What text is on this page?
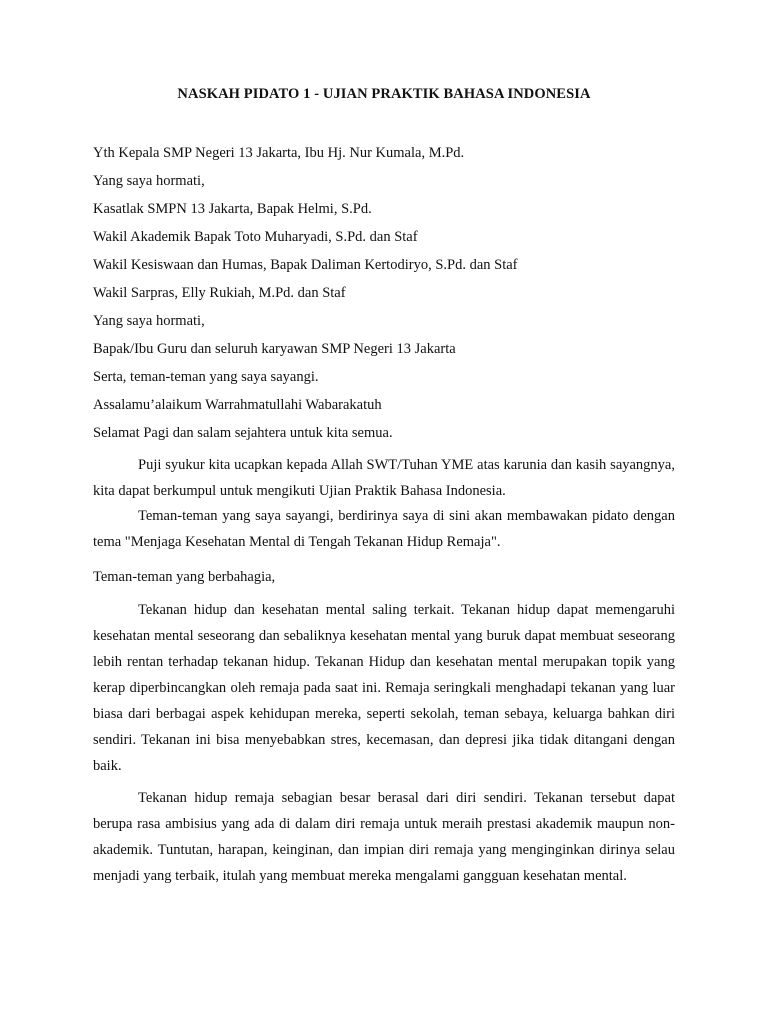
NASKAH PIDATO 1 - UJIAN PRAKTIK BAHASA INDONESIA

Yth Kepala SMP Negeri 13 Jakarta, Ibu Hj. Nur Kumala, M.Pd.

Yang saya hormati,

Kasatlak SMPN 13 Jakarta, Bapak Helmi, S.Pd.

Wakil Akademik Bapak Toto Muharyadi, S.Pd. dan Staf

Wakil Kesiswaan dan Humas, Bapak Daliman Kertodiryo, S.Pd. dan Staf

Wakil Sarpras, Elly Rukiah, M.Pd. dan Staf

Yang saya hormati,

Bapak/Ibu Guru dan seluruh karyawan SMP Negeri 13 Jakarta

Serta, teman-teman yang saya sayangi.

Assalamu’alaikum Warrahmatullahi Wabarakatuh

Selamat Pagi dan salam sejahtera untuk kita semua.

Puji syukur kita ucapkan kepada Allah SWT/Tuhan YME atas karunia dan kasih sayangnya, kita dapat berkumpul untuk mengikuti Ujian Praktik Bahasa Indonesia.

Teman-teman yang saya sayangi, berdirinya saya di sini akan membawakan pidato dengan tema "Menjaga Kesehatan Mental di Tengah Tekanan Hidup Remaja".

Teman-teman yang berbahagia,

Tekanan hidup dan kesehatan mental saling terkait. Tekanan hidup dapat memengaruhi kesehatan mental seseorang dan sebaliknya kesehatan mental yang buruk dapat membuat seseorang lebih rentan terhadap tekanan hidup. Tekanan Hidup dan kesehatan mental merupakan topik yang kerap diperbincangkan oleh remaja pada saat ini. Remaja seringkali menghadapi tekanan yang luar biasa dari berbagai aspek kehidupan mereka, seperti sekolah, teman sebaya, keluarga bahkan diri sendiri. Tekanan ini bisa menyebabkan stres, kecemasan, dan depresi jika tidak ditangani dengan baik.

Tekanan hidup remaja sebagian besar berasal dari diri sendiri. Tekanan tersebut dapat berupa rasa ambisius yang ada di dalam diri remaja untuk meraih prestasi akademik maupun non-akademik. Tuntutan, harapan, keinginan, dan impian diri remaja yang menginginkan dirinya selau menjadi yang terbaik, itulah yang membuat mereka mengalami gangguan kesehatan mental.
